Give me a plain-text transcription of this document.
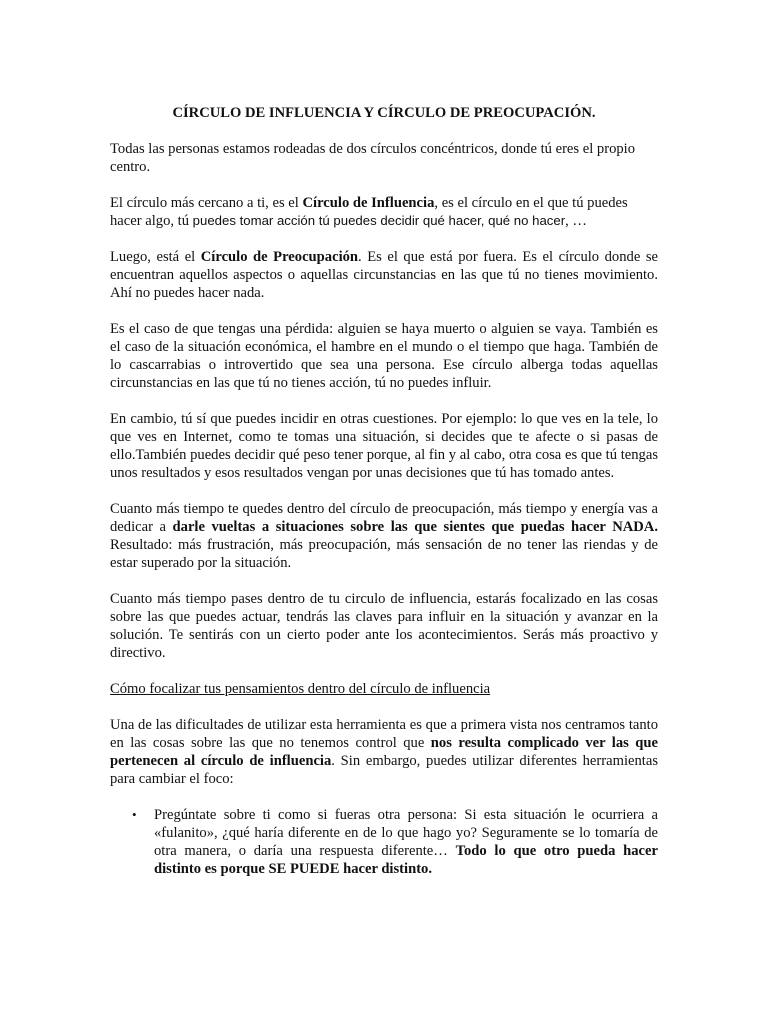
CÍRCULO DE INFLUENCIA Y CÍRCULO DE PREOCUPACIÓN.

Todas las personas estamos rodeadas de dos círculos concéntricos, donde tú eres el propio centro.

El círculo más cercano a ti, es el Círculo de Influencia, es el círculo en el que tú puedes hacer algo, tú puedes tomar acción tú puedes decidir qué hacer, qué no hacer, …

Luego, está el Círculo de Preocupación. Es el que está por fuera. Es el círculo donde se encuentran aquellos aspectos o aquellas circunstancias en las que tú no tienes movimiento. Ahí no puedes hacer nada.

Es el caso de que tengas una pérdida: alguien se haya muerto o alguien se vaya. También es el caso de la situación económica, el hambre en el mundo o el tiempo que haga. También de lo cascarrabias o introvertido que sea una persona. Ese círculo alberga todas aquellas circunstancias en las que tú no tienes acción, tú no puedes influir.

En cambio, tú sí que puedes incidir en otras cuestiones. Por ejemplo: lo que ves en la tele, lo que ves en Internet, como te tomas una situación, si decides que te afecte o si pasas de ello.También puedes decidir qué peso tener porque, al fin y al cabo, otra cosa es que tú tengas unos resultados y esos resultados vengan por unas decisiones que tú has tomado antes.

Cuanto más tiempo te quedes dentro del círculo de preocupación, más tiempo y energía vas a dedicar a darle vueltas a situaciones sobre las que sientes que puedas hacer NADA. Resultado: más frustración, más preocupación, más sensación de no tener las riendas y de estar superado por la situación.

Cuanto más tiempo pases dentro de tu circulo de influencia, estarás focalizado en las cosas sobre las que puedes actuar, tendrás las claves para influir en la situación y avanzar en la solución. Te sentirás con un cierto poder ante los acontecimientos. Serás más proactivo y directivo.

Cómo focalizar tus pensamientos dentro del círculo de influencia

Una de las dificultades de utilizar esta herramienta es que a primera vista nos centramos tanto en las cosas sobre las que no tenemos control que nos resulta complicado ver las que pertenecen al círculo de influencia. Sin embargo, puedes utilizar diferentes herramientas para cambiar el foco:

• Pregúntate sobre ti como si fueras otra persona: Si esta situación le ocurriera a «fulanito», ¿qué haría diferente en de lo que hago yo? Seguramente se lo tomaría de otra manera, o daría una respuesta diferente… Todo lo que otro pueda hacer distinto es porque SE PUEDE hacer distinto.
